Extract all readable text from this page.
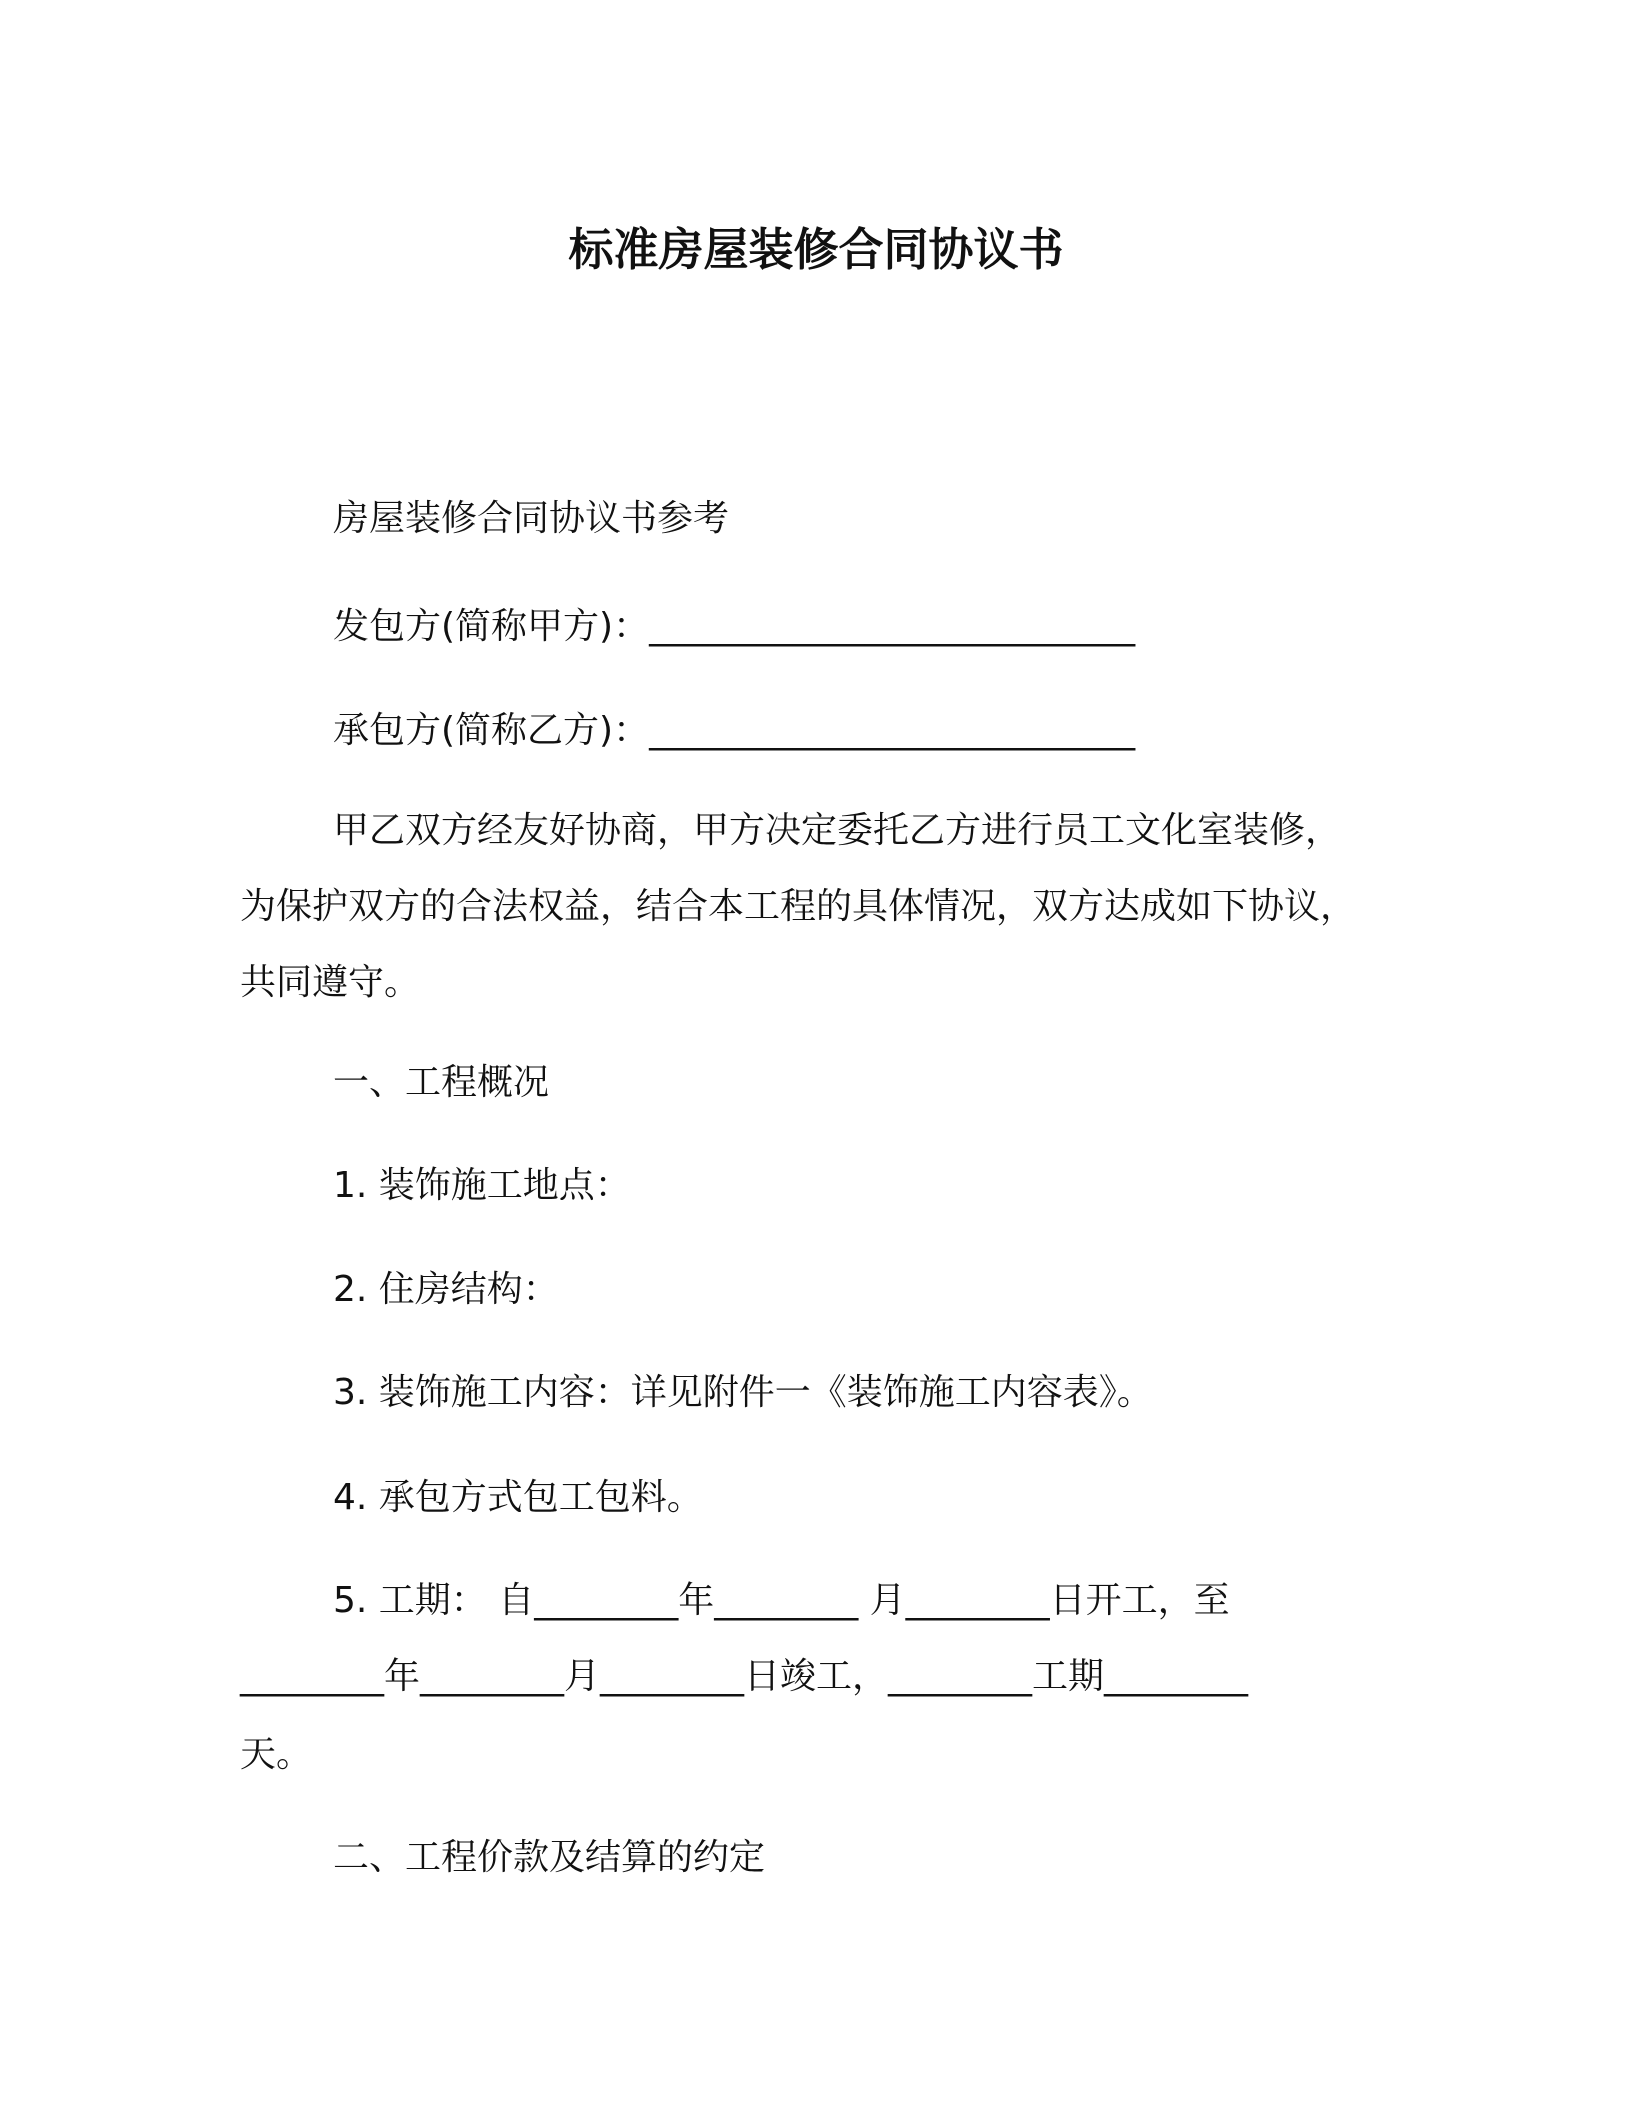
标准房屋装修合同协议书
房屋装修合同协议书参考
发包方(简称甲方)：___________________________
承包方(简称乙方)：___________________________
甲乙双方经友好协商，甲方决定委托乙方进行员工文化室装修，
为保护双方的合法权益，结合本工程的具体情况，双方达成如下协议，
共同遵守。
一、工程概况
1. 装饰施工地点：
2. 住房结构：
3. 装饰施工内容：详见附件一《装饰施工内容表》。
4. 承包方式包工包料。
5. 工期： 自________年________ 月________日开工，至
________年________月________日竣工，________工期________
天。
二、工程价款及结算的约定
